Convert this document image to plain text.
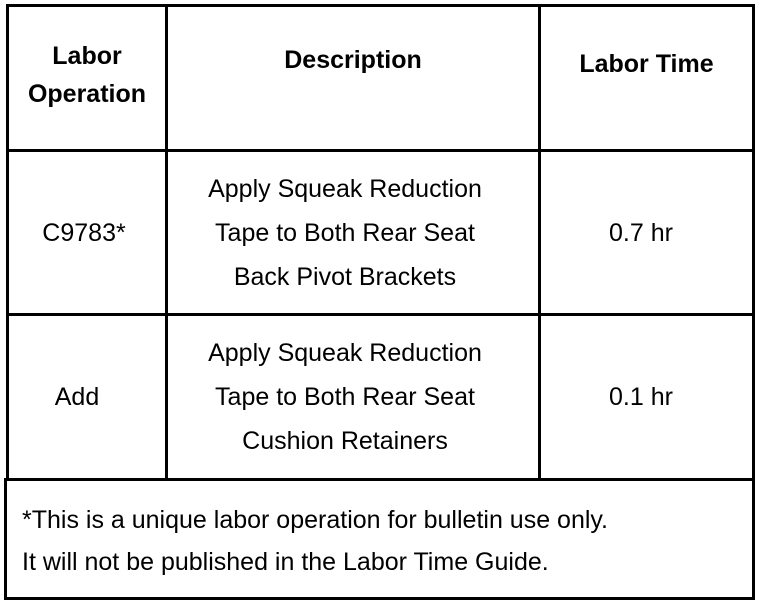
Labor
Operation
Description	Labor Time
C9783*
Apply Squeak Reduction
Tape to Both Rear Seat
Back Pivot Brackets
0.7 hr
Add
Apply Squeak Reduction
Tape to Both Rear Seat
Cushion Retainers
0.1 hr
*This is a unique labor operation for bulletin use only.
It will not be published in the Labor Time Guide.
